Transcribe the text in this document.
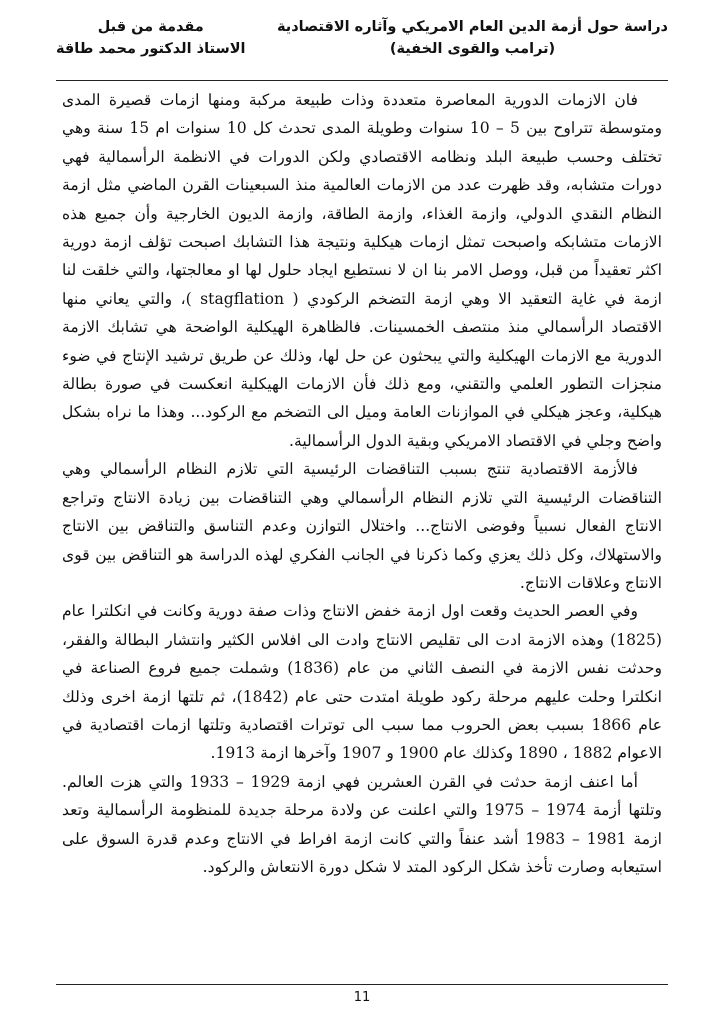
دراسة حول أزمة الدين العام الامريكي وآثاره الاقتصادية
(ترامب والقوى الخفية)
مقدمة من قبل
الاستاذ الدكتور محمد طاقة

فان الازمات الدورية المعاصرة متعددة وذات طبيعة مركبة ومنها ازمات قصيرة المدى ومتوسطة تتراوح بين 5 – 10 سنوات وطويلة المدى تحدث كل 10 سنوات ام 15 سنة وهي تختلف وحسب طبيعة البلد ونظامه الاقتصادي ولكن الدورات في الانظمة الرأسمالية فهي دورات متشابه، وقد ظهرت عدد من الازمات العالمية منذ السبعينات القرن الماضي مثل ازمة النظام النقدي الدولي، وازمة الغذاء، وازمة الطاقة، وازمة الديون الخارجية وأن جميع هذه الازمات متشابكه واصبحت تمثل ازمات هيكلية ونتيجة هذا التشابك اصبحت تؤلف ازمة دورية اكثر تعقيداً من قبل، ووصل الامر بنا ان لا نستطيع ايجاد حلول لها او معالجتها، والتي خلقت لنا ازمة في غاية التعقيد الا وهي ازمة التضخم الركودي ( stagflation )، والتي يعاني منها الاقتصاد الرأسمالي منذ منتصف الخمسينات. فالظاهرة الهيكلية الواضحة هي تشابك الازمة الدورية مع الازمات الهيكلية والتي يبحثون عن حل لها، وذلك عن طريق ترشيد الإنتاج في ضوء منجزات التطور العلمي والتقني، ومع ذلك فأن الازمات الهيكلية انعكست في صورة بطالة هيكلية، وعجز هيكلي في الموازنات العامة وميل الى التضخم مع الركود... وهذا ما نراه بشكل واضح وجلي في الاقتصاد الامريكي وبقية الدول الرأسمالية.

فالأزمة الاقتصادية تنتج بسبب التناقضات الرئيسية التي تلازم النظام الرأسمالي وهي التناقضات الرئيسية التي تلازم النظام الرأسمالي وهي التناقضات بين زيادة الانتاج وتراجع الانتاج الفعال نسبياً وفوضى الانتاج... واختلال التوازن وعدم التناسق والتناقض بين الانتاج والاستهلاك، وكل ذلك يعزي وكما ذكرنا في الجانب الفكري لهذه الدراسة هو التناقض بين قوى الانتاج وعلاقات الانتاج.

وفي العصر الحديث وقعت اول ازمة خفض الانتاج وذات صفة دورية وكانت في انكلترا عام (1825) وهذه الازمة ادت الى تقليص الانتاج وادت الى افلاس الكثير وانتشار البطالة والفقر، وحدثت نفس الازمة في النصف الثاني من عام (1836) وشملت جميع فروع الصناعة في انكلترا وحلت عليهم مرحلة ركود طويلة امتدت حتى عام (1842)، ثم تلتها ازمة اخرى وذلك عام 1866 بسبب بعض الحروب مما سبب الى توترات اقتصادية وتلتها ازمات اقتصادية في الاعوام 1882 ، 1890 وكذلك عام 1900 و 1907 وآخرها ازمة 1913.

أما اعنف ازمة حدثت في القرن العشرين فهي ازمة 1929 – 1933 والتي هزت العالم. وتلتها أزمة 1974 – 1975 والتي اعلنت عن ولادة مرحلة جديدة للمنظومة الرأسمالية وتعد ازمة 1981 – 1983 أشد عنفاً والتي كانت ازمة افراط في الانتاج وعدم قدرة السوق على استيعابه وصارت تأخذ شكل الركود المتد لا شكل دورة الانتعاش والركود.

11
